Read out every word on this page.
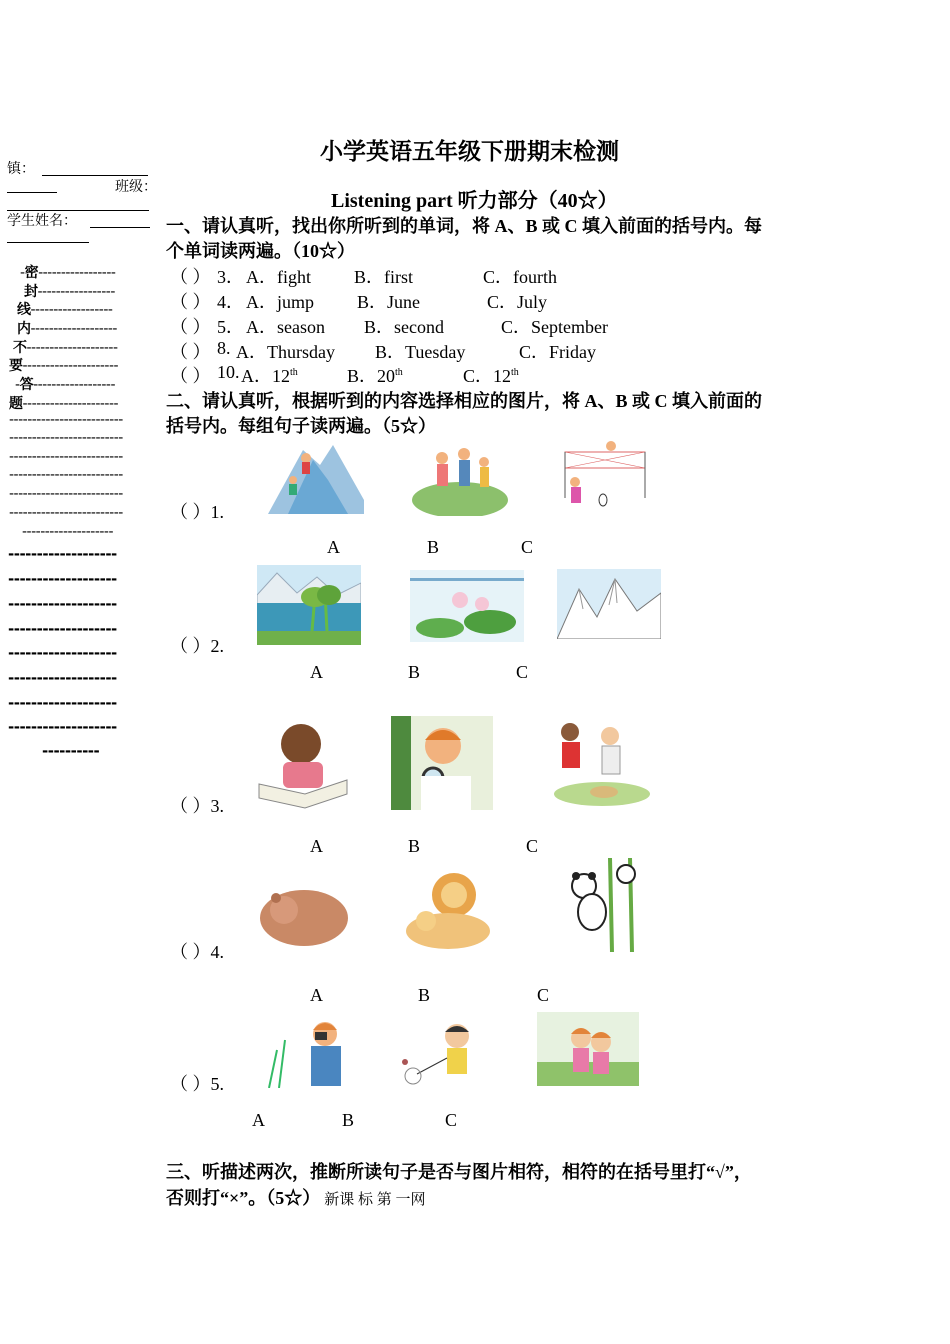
小学英语五年级下册期末检测
Listening part 听力部分（40☆）
镇：
班级：
学生姓名：
-密-----------------
封-----------------
线------------------
内-------------------
不--------------------
要---------------------
-答------------------
题---------------------
-------------------------
-------------------------
-------------------------
-------------------------
-------------------------
-------------------------
--------------------
-------------------
-------------------
-------------------
-------------------
-------------------
-------------------
-------------------
-------------------
----------
一、请认真听，找出你所听到的单词，将 A、B 或 C 填入前面的括号内。每
个单词读两遍。（10☆）
（ ） 3． A．fight B．first	C．fourth
（ ） 4． A．jump B．June	C．July
（ ） 5． A．season B．second	C．September
（ ） 8. A．Thursday B．Tuesday	C．Friday
（ ） 10. A．12th	B．20th	C．12th
二、请认真听，根据听到的内容选择相应的图片，将 A、B 或 C 填入前面的
括号内。每组句子读两遍。（5☆）
（ ）1.
A	B	C
（ ）2.
A	B	C
（ ）3.
A	B	C
（ ）4.
A	B	C
（ ）5.
A	B	C
三、听描述两次，推断所读句子是否与图片相符，相符的在括号里打“√”，
否则打“×”。（5☆） 新课 标 第 一网
